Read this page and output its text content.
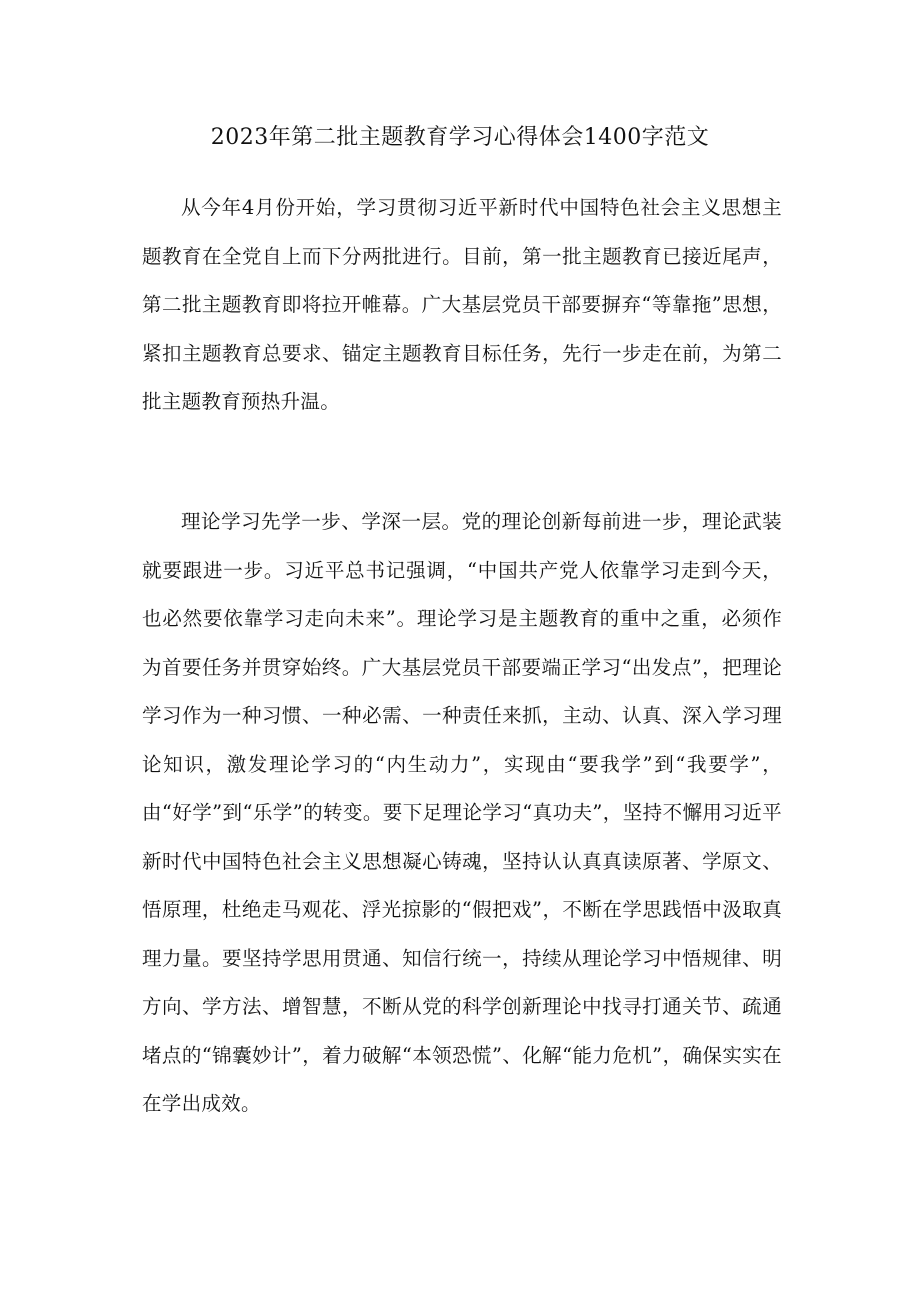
2023年第二批主题教育学习心得体会1400字范文

从今年4月份开始，学习贯彻习近平新时代中国特色社会主义思想主题教育在全党自上而下分两批进行。目前，第一批主题教育已接近尾声，第二批主题教育即将拉开帷幕。广大基层党员干部要摒弃“等靠拖”思想，紧扣主题教育总要求、锚定主题教育目标任务，先行一步走在前，为第二批主题教育预热升温。

理论学习先学一步、学深一层。党的理论创新每前进一步，理论武装就要跟进一步。习近平总书记强调，“中国共产党人依靠学习走到今天，也必然要依靠学习走向未来”。理论学习是主题教育的重中之重，必须作为首要任务并贯穿始终。广大基层党员干部要端正学习“出发点”，把理论学习作为一种习惯、一种必需、一种责任来抓，主动、认真、深入学习理论知识，激发理论学习的“内生动力”，实现由“要我学”到“我要学”，由“好学”到“乐学”的转变。要下足理论学习“真功夫”，坚持不懈用习近平新时代中国特色社会主义思想凝心铸魂，坚持认认真真读原著、学原文、悟原理，杜绝走马观花、浮光掠影的“假把戏”，不断在学思践悟中汲取真理力量。要坚持学思用贯通、知信行统一，持续从理论学习中悟规律、明方向、学方法、增智慧，不断从党的科学创新理论中找寻打通关节、疏通堵点的“锦囊妙计”，着力破解“本领恐慌”、化解“能力危机”，确保实实在在学出成效。
